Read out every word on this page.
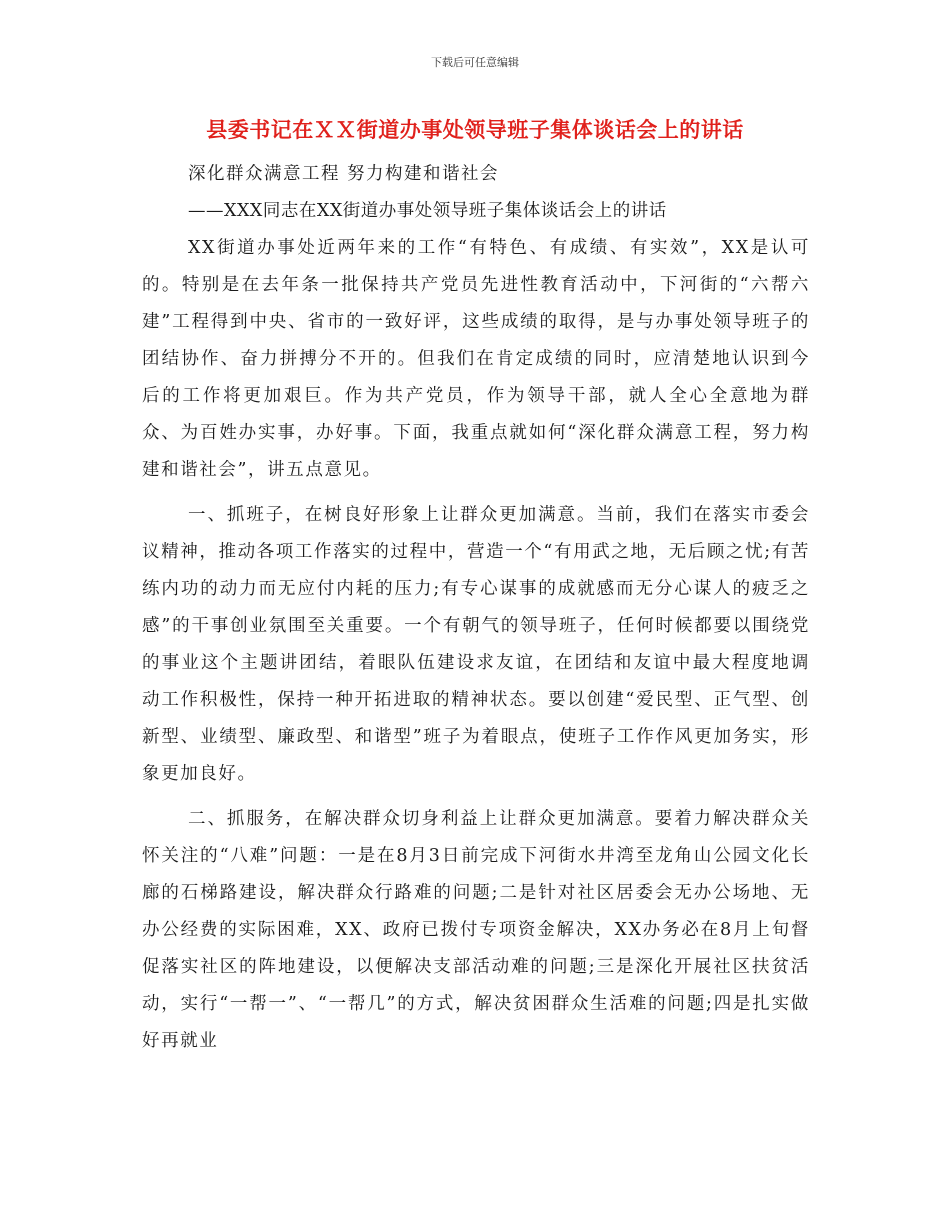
下载后可任意编辑
县委书记在ＸＸ街道办事处领导班子集体谈话会上的讲话

深化群众满意工程 努力构建和谐社会

——XXX同志在XX街道办事处领导班子集体谈话会上的讲话

XX街道办事处近两年来的工作“有特色、有成绩、有实效”，XX是认可的。特别是在去年条一批保持共产党员先进性教育活动中，下河街的“六帮六建”工程得到中央、省市的一致好评，这些成绩的取得，是与办事处领导班子的团结协作、奋力拼搏分不开的。但我们在肯定成绩的同时，应清楚地认识到今后的工作将更加艰巨。作为共产党员，作为领导干部，就人全心全意地为群众、为百姓办实事，办好事。下面，我重点就如何“深化群众满意工程，努力构建和谐社会”，讲五点意见。

一、抓班子，在树良好形象上让群众更加满意。当前，我们在落实市委会议精神，推动各项工作落实的过程中，营造一个“有用武之地，无后顾之忧;有苦练内功的动力而无应付内耗的压力;有专心谋事的成就感而无分心谋人的疲乏之感”的干事创业氛围至关重要。一个有朝气的领导班子，任何时候都要以围绕党的事业这个主题讲团结，着眼队伍建设求友谊，在团结和友谊中最大程度地调动工作积极性，保持一种开拓进取的精神状态。要以创建“爱民型、正气型、创新型、业绩型、廉政型、和谐型”班子为着眼点，使班子工作作风更加务实，形象更加良好。

二、抓服务，在解决群众切身利益上让群众更加满意。要着力解决群众关怀关注的“八难”问题：一是在8月3日前完成下河街水井湾至龙角山公园文化长廊的石梯路建设，解决群众行路难的问题;二是针对社区居委会无办公场地、无办公经费的实际困难，XX、政府已拨付专项资金解决，XX办务必在8月上旬督促落实社区的阵地建设，以便解决支部活动难的问题;三是深化开展社区扶贫活动，实行“一帮一”、“一帮几”的方式，解决贫困群众生活难的问题;四是扎实做好再就业
